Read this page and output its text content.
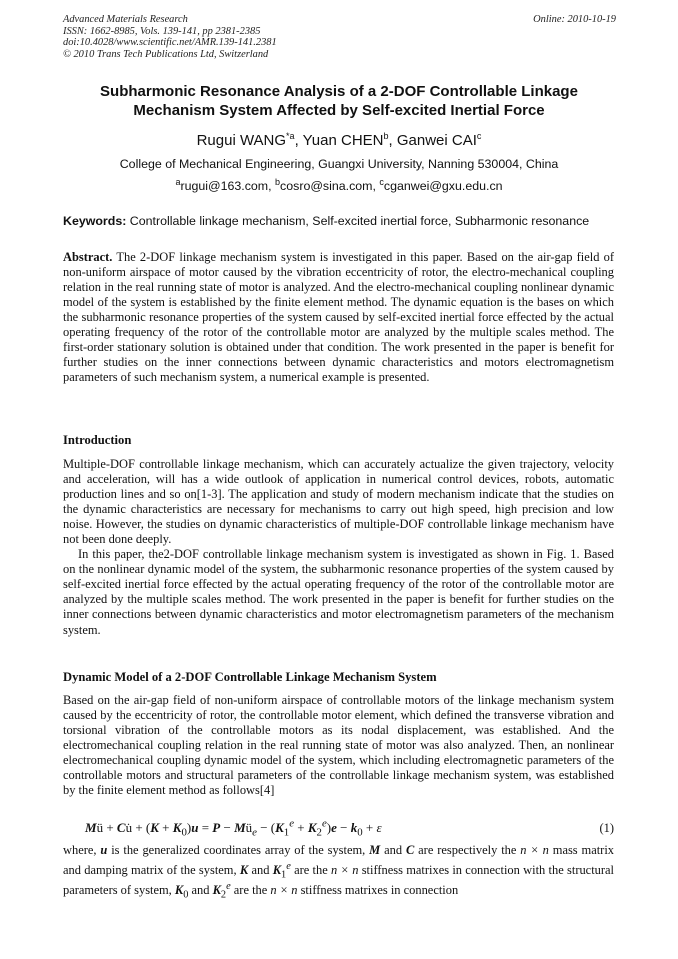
Advanced Materials Research
ISSN: 1662-8985, Vols. 139-141, pp 2381-2385
doi:10.4028/www.scientific.net/AMR.139-141.2381
© 2010 Trans Tech Publications Ltd, Switzerland
Online: 2010-10-19
Subharmonic Resonance Analysis of a 2-DOF Controllable Linkage
Mechanism System Affected by Self-excited Inertial Force
Rugui WANG$^{*a}$, Yuan CHEN$^b$, Ganwei CAI$^c$
College of Mechanical Engineering, Guangxi University, Nanning 530004, China
$^a$rugui@163.com, $^b$cosro@sina.com, $^c$cganwei@gxu.edu.cn
Keywords: Controllable linkage mechanism, Self-excited inertial force, Subharmonic resonance
Abstract. The 2-DOF linkage mechanism system is investigated in this paper. Based on the air-gap field of non-uniform airspace of motor caused by the vibration eccentricity of rotor, the electro-mechanical coupling relation in the real running state of motor is analyzed. And the electro-mechanical coupling nonlinear dynamic model of the system is established by the finite element method. The dynamic equation is the bases on which the subharmonic resonance properties of the system caused by self-excited inertial force effected by the actual operating frequency of the rotor of the controllable motor are analyzed by the multiple scales method. The first-order stationary solution is obtained under that condition. The work presented in the paper is benefit for further studies on the inner connections between dynamic characteristics and motors electromagnetism parameters of such mechanism system, a numerical example is presented.
Introduction
Multiple-DOF controllable linkage mechanism, which can accurately actualize the given trajectory, velocity and acceleration, will has a wide outlook of application in numerical control devices, robots, automatic production lines and so on[1-3]. The application and study of modern mechanism indicate that the studies on the dynamic characteristics are necessary for mechanisms to carry out high speed, high precision and low noise. However, the studies on dynamic characteristics of multiple-DOF controllable linkage mechanism have not been done deeply.
In this paper, the2-DOF controllable linkage mechanism system is investigated as shown in Fig. 1. Based on the nonlinear dynamic model of the system, the subharmonic resonance properties of the system caused by self-excited inertial force effected by the actual operating frequency of the rotor of the controllable motor are analyzed by the multiple scales method. The work presented in the paper is benefit for further studies on the inner connections between dynamic characteristics and motor electromagnetism parameters of the mechanism system.
Dynamic Model of a 2-DOF Controllable Linkage Mechanism System
Based on the air-gap field of non-uniform airspace of controllable motors of the linkage mechanism system caused by the eccentricity of rotor, the controllable motor element, which defined the transverse vibration and torsional vibration of the controllable motors as its nodal displacement, was established. And the electromechanical coupling relation in the real running state of motor was also analyzed. Then, an nonlinear electromechanical coupling dynamic model of the system, which including electromagnetic parameters of the controllable motors and structural parameters of the controllable linkage mechanism system, was established by the finite element method as follows[4]
Mü + Cu̇ + $(K + K_0)u = P$ − $Mü_e - (K_1^e + K_2^e)e - k_0 + \varepsilon$	(1)
where, u is the generalized coordinates array of the system, M and C are respectively the n × n mass matrix and damping matrix of the system, K and $K_1^e$ are the n × n stiffness matrixes in connection with the structural parameters of system, $K_0$ and $K_2^e$ are the n × n stiffness matrixes in connection
